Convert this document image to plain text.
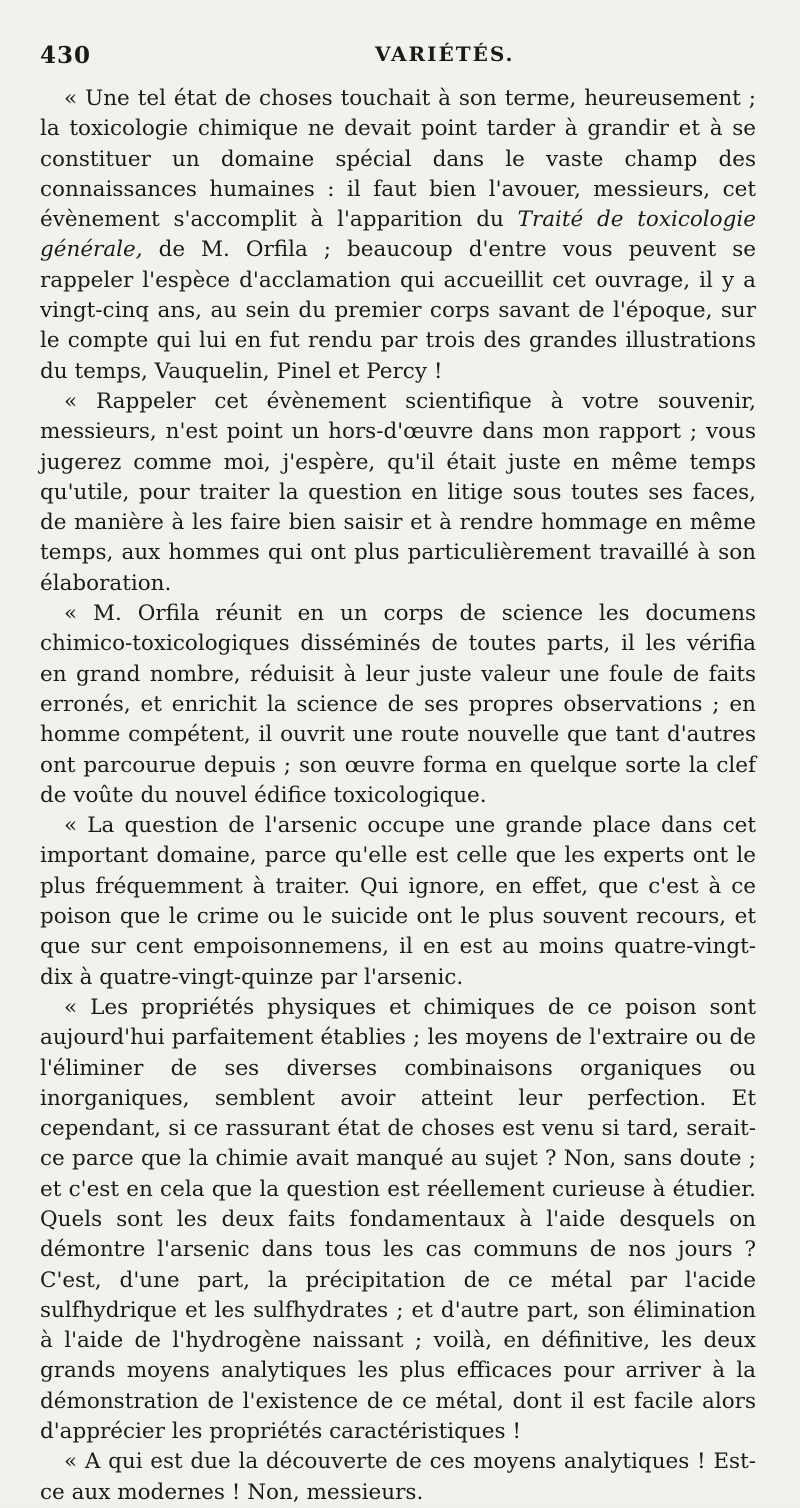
430	VARIÉTÉS.

« Une tel état de choses touchait à son terme, heureusement ; la toxicologie chimique ne devait point tarder à grandir et à se constituer un domaine spécial dans le vaste champ des connaissances humaines : il faut bien l'avouer, messieurs, cet évènement s'accomplit à l'apparition du Traité de toxicologie générale, de M. Orfila ; beaucoup d'entre vous peuvent se rappeler l'espèce d'acclamation qui accueillit cet ouvrage, il y a vingt-cinq ans, au sein du premier corps savant de l'époque, sur le compte qui lui en fut rendu par trois des grandes illustrations du temps, Vauquelin, Pinel et Percy !

« Rappeler cet évènement scientifique à votre souvenir, messieurs, n'est point un hors-d'œuvre dans mon rapport ; vous jugerez comme moi, j'espère, qu'il était juste en même temps qu'utile, pour traiter la question en litige sous toutes ses faces, de manière à les faire bien saisir et à rendre hommage en même temps, aux hommes qui ont plus particulièrement travaillé à son élaboration.

« M. Orfila réunit en un corps de science les documens chimico-toxicologiques disséminés de toutes parts, il les vérifia en grand nombre, réduisit à leur juste valeur une foule de faits erronés, et enrichit la science de ses propres observations ; en homme compétent, il ouvrit une route nouvelle que tant d'autres ont parcourue depuis ; son œuvre forma en quelque sorte la clef de voûte du nouvel édifice toxicologique.

« La question de l'arsenic occupe une grande place dans cet important domaine, parce qu'elle est celle que les experts ont le plus fréquemment à traiter. Qui ignore, en effet, que c'est à ce poison que le crime ou le suicide ont le plus souvent recours, et que sur cent empoisonnemens, il en est au moins quatre-vingt-dix à quatre-vingt-quinze par l'arsenic.

« Les propriétés physiques et chimiques de ce poison sont aujourd'hui parfaitement établies ; les moyens de l'extraire ou de l'éliminer de ses diverses combinaisons organiques ou inorganiques, semblent avoir atteint leur perfection. Et cependant, si ce rassurant état de choses est venu si tard, serait-ce parce que la chimie avait manqué au sujet ? Non, sans doute ; et c'est en cela que la question est réellement curieuse à étudier. Quels sont les deux faits fondamentaux à l'aide desquels on démontre l'arsenic dans tous les cas communs de nos jours ? C'est, d'une part, la précipitation de ce métal par l'acide sulfhydrique et les sulfhydrates ; et d'autre part, son élimination à l'aide de l'hydrogène naissant ; voilà, en définitive, les deux grands moyens analytiques les plus efficaces pour arriver à la démonstration de l'existence de ce métal, dont il est facile alors d'apprécier les propriétés caractéristiques !

« A qui est due la découverte de ces moyens analytiques ! Est-ce aux modernes ! Non, messieurs.
